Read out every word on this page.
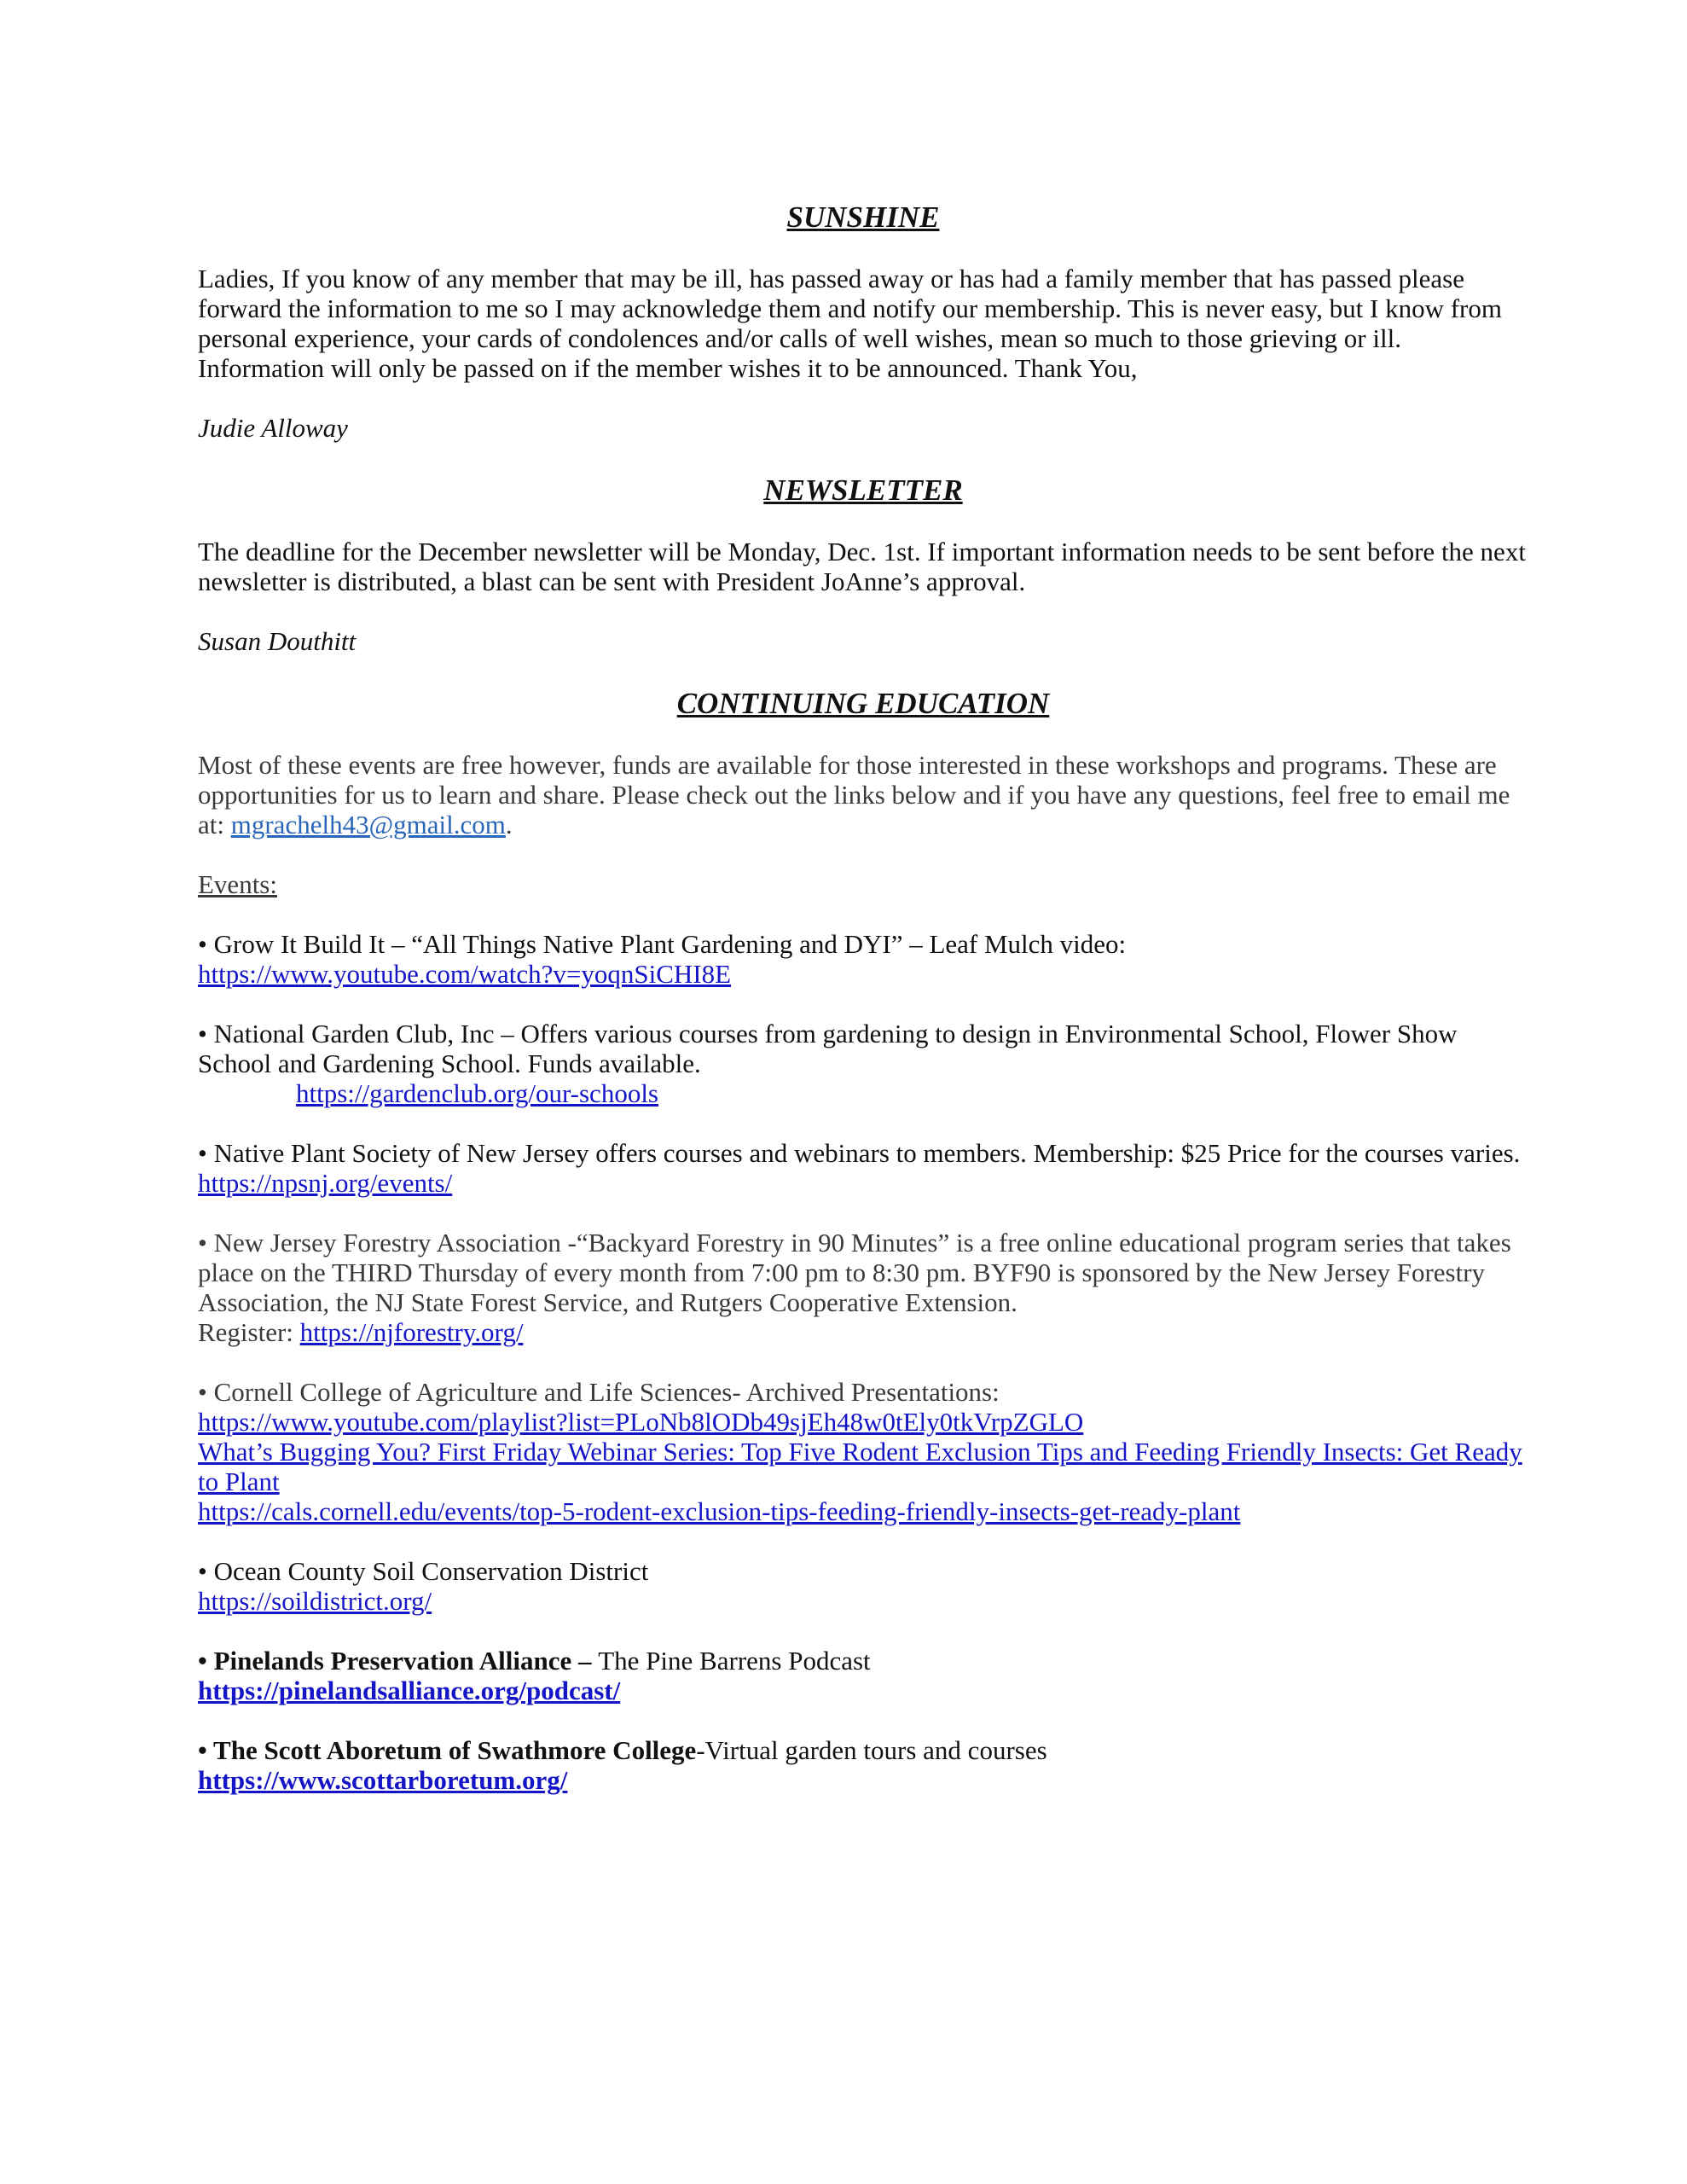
SUNSHINE

Ladies, If you know of any member that may be ill, has passed away or has had a family member that has passed please forward the information to me so I may acknowledge them and notify our membership. This is never easy, but I know from personal experience, your cards of condolences and/or calls of well wishes, mean so much to those grieving or ill. Information will only be passed on if the member wishes it to be announced. Thank You,

Judie Alloway

NEWSLETTER

The deadline for the December newsletter will be Monday, Dec. 1st. If important information needs to be sent before the next newsletter is distributed, a blast can be sent with President JoAnne’s approval.

Susan Douthitt

CONTINUING EDUCATION

Most of these events are free however, funds are available for those interested in these workshops and programs. These are opportunities for us to learn and share. Please check out the links below and if you have any questions, feel free to email me at: mgrachelh43@gmail.com.

Events:

• Grow It Build It – “All Things Native Plant Gardening and DYI” – Leaf Mulch video:
https://www.youtube.com/watch?v=yoqnSiCHI8E

• National Garden Club, Inc – Offers various courses from gardening to design in Environmental School, Flower Show School and Gardening School. Funds available.
https://gardenclub.org/our-schools

• Native Plant Society of New Jersey offers courses and webinars to members. Membership: $25 Price for the courses varies. https://npsnj.org/events/

• New Jersey Forestry Association -“Backyard Forestry in 90 Minutes” is a free online educational program series that takes place on the THIRD Thursday of every month from 7:00 pm to 8:30 pm. BYF90 is sponsored by the New Jersey Forestry Association, the NJ State Forest Service, and Rutgers Cooperative Extension.
Register: https://njforestry.org/

• Cornell College of Agriculture and Life Sciences- Archived Presentations:
https://www.youtube.com/playlist?list=PLoNb8lODb49sjEh48w0tEly0tkVrpZGLO
What’s Bugging You? First Friday Webinar Series: Top Five Rodent Exclusion Tips and Feeding Friendly Insects: Get Ready to Plant
https://cals.cornell.edu/events/top-5-rodent-exclusion-tips-feeding-friendly-insects-get-ready-plant

• Ocean County Soil Conservation District
https://soildistrict.org/

• Pinelands Preservation Alliance – The Pine Barrens Podcast
https://pinelandsalliance.org/podcast/

• The Scott Aboretum of Swathmore College-Virtual garden tours and courses
https://www.scottarboretum.org/
